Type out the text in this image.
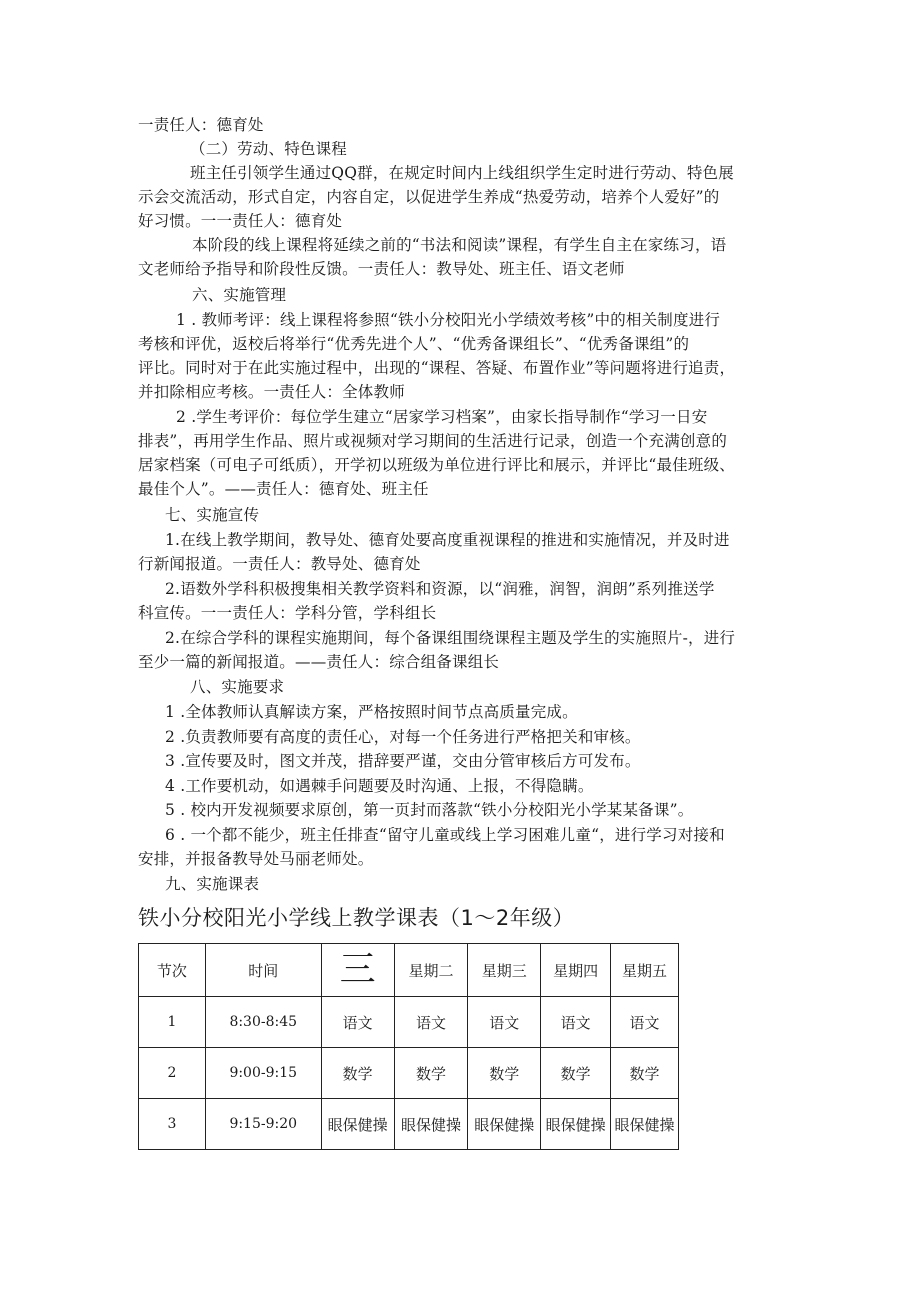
一责任人：德育处
（二）劳动、特色课程
班主任引领学生通过QQ群，在规定时间内上线组织学生定时进行劳动、特色展
示会交流活动，形式自定，内容自定，以促进学生养成“热爱劳动，培养个人爱好”的
好习惯。一一责任人：德育处
本阶段的线上课程将延续之前的“书法和阅读”课程，有学生自主在家练习，语
文老师给予指导和阶段性反馈。一责任人：教导处、班主任、语文老师
六、实施管理
1 . 教师考评：线上课程将参照“铁小分校阳光小学绩效考核”中的相关制度进行
考核和评优，返校后将举行“优秀先进个人”、“优秀备课组长”、“优秀备课组”的
评比。同时对于在此实施过程中，出现的“课程、答疑、布置作业”等问题将进行追责，
并扣除相应考核。一责任人：全体教师
2 .学生考评价：每位学生建立“居家学习档案”，由家长指导制作“学习一日安
排表”，再用学生作品、照片或视频对学习期间的生活进行记录，创造一个充满创意的
居家档案（可电子可纸质），开学初以班级为单位进行评比和展示，并评比“最佳班级、
最佳个人”。——责任人：德育处、班主任
七、实施宣传
1.在线上教学期间，教导处、德育处要高度重视课程的推进和实施情况，并及时进
行新闻报道。一责任人：教导处、德育处
2.语数外学科积极搜集相关教学资料和资源，以“润雅，润智，润朗”系列推送学
科宣传。一一责任人：学科分管，学科组长
2.在综合学科的课程实施期间，每个备课组围绕课程主题及学生的实施照片-，进行
至少一篇的新闻报道。——责任人：综合组备课组长
八、实施要求
1 .全体教师认真解读方案，严格按照时间节点高质量完成。
2 .负责教师要有高度的责任心，对每一个任务进行严格把关和审核。
3 .宣传要及时，图文并茂，措辞要严谨，交由分管审核后方可发布。
4 .工作要机动，如遇棘手问题要及时沟通、上报，不得隐瞒。
5 . 校内开发视频要求原创，第一页封而落款“铁小分校阳光小学某某备课”。
6 . 一个都不能少，班主任排查“留守儿童或线上学习困难儿童“，进行学习对接和
安排，并报备教导处马丽老师处。
九、实施课表
铁小分校阳光小学线上教学课表（1〜2年级）
节次	时间	三	星期二	星期三	星期四	星期五
1	8:30-8:45	语文	语文	语文	语文	语文
2	9:00-9:15	数学	数学	数学	数学	数学
3	9:15-9:20	眼保健操	眼保健操	眼保健操	眼保健操	眼保健操
